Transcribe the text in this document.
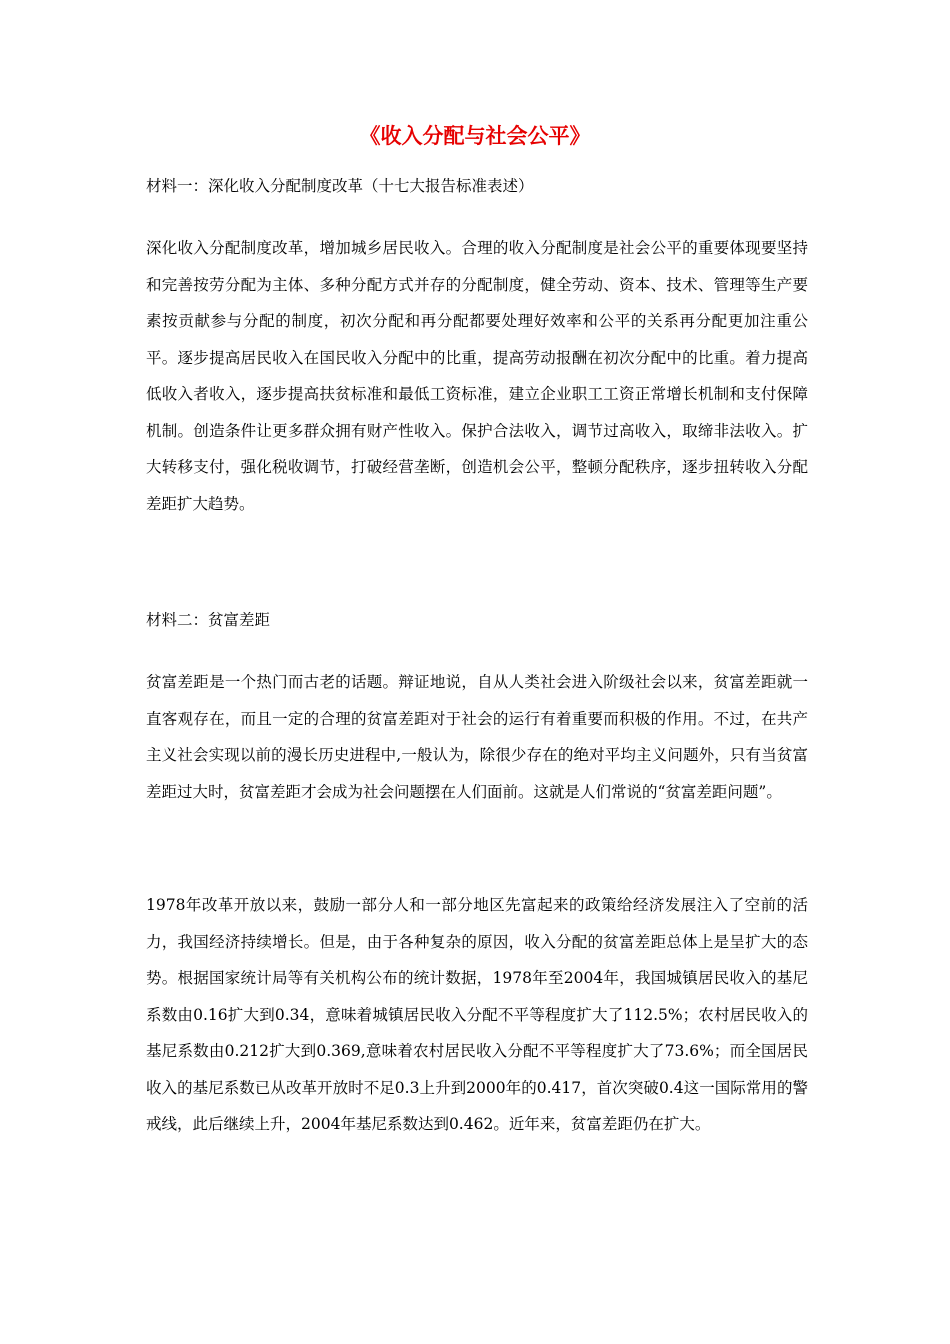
《收入分配与社会公平》

材料一：深化收入分配制度改革（十七大报告标准表述）

深化收入分配制度改革，增加城乡居民收入。合理的收入分配制度是社会公平的重要体现要坚持和完善按劳分配为主体、多种分配方式并存的分配制度，健全劳动、资本、技术、管理等生产要素按贡献参与分配的制度，初次分配和再分配都要处理好效率和公平的关系再分配更加注重公平。逐步提高居民收入在国民收入分配中的比重，提高劳动报酬在初次分配中的比重。着力提高低收入者收入，逐步提高扶贫标准和最低工资标准，建立企业职工工资正常增长机制和支付保障机制。创造条件让更多群众拥有财产性收入。保护合法收入，调节过高收入，取缔非法收入。扩大转移支付，强化税收调节，打破经营垄断，创造机会公平，整顿分配秩序，逐步扭转收入分配差距扩大趋势。

材料二：贫富差距

贫富差距是一个热门而古老的话题。辩证地说，自从人类社会进入阶级社会以来，贫富差距就一直客观存在，而且一定的合理的贫富差距对于社会的运行有着重要而积极的作用。不过，在共产主义社会实现以前的漫长历史进程中,一般认为，除很少存在的绝对平均主义问题外，只有当贫富差距过大时，贫富差距才会成为社会问题摆在人们面前。这就是人们常说的“贫富差距问题”。

1978年改革开放以来，鼓励一部分人和一部分地区先富起来的政策给经济发展注入了空前的活力，我国经济持续增长。但是，由于各种复杂的原因，收入分配的贫富差距总体上是呈扩大的态势。根据国家统计局等有关机构公布的统计数据，1978年至2004年，我国城镇居民收入的基尼系数由0.16扩大到0.34，意味着城镇居民收入分配不平等程度扩大了112.5%；农村居民收入的基尼系数由0.212扩大到0.369,意味着农村居民收入分配不平等程度扩大了73.6%；而全国居民收入的基尼系数已从改革开放时不足0.3上升到2000年的0.417，首次突破0.4这一国际常用的警戒线，此后继续上升，2004年基尼系数达到0.462。近年来，贫富差距仍在扩大。
